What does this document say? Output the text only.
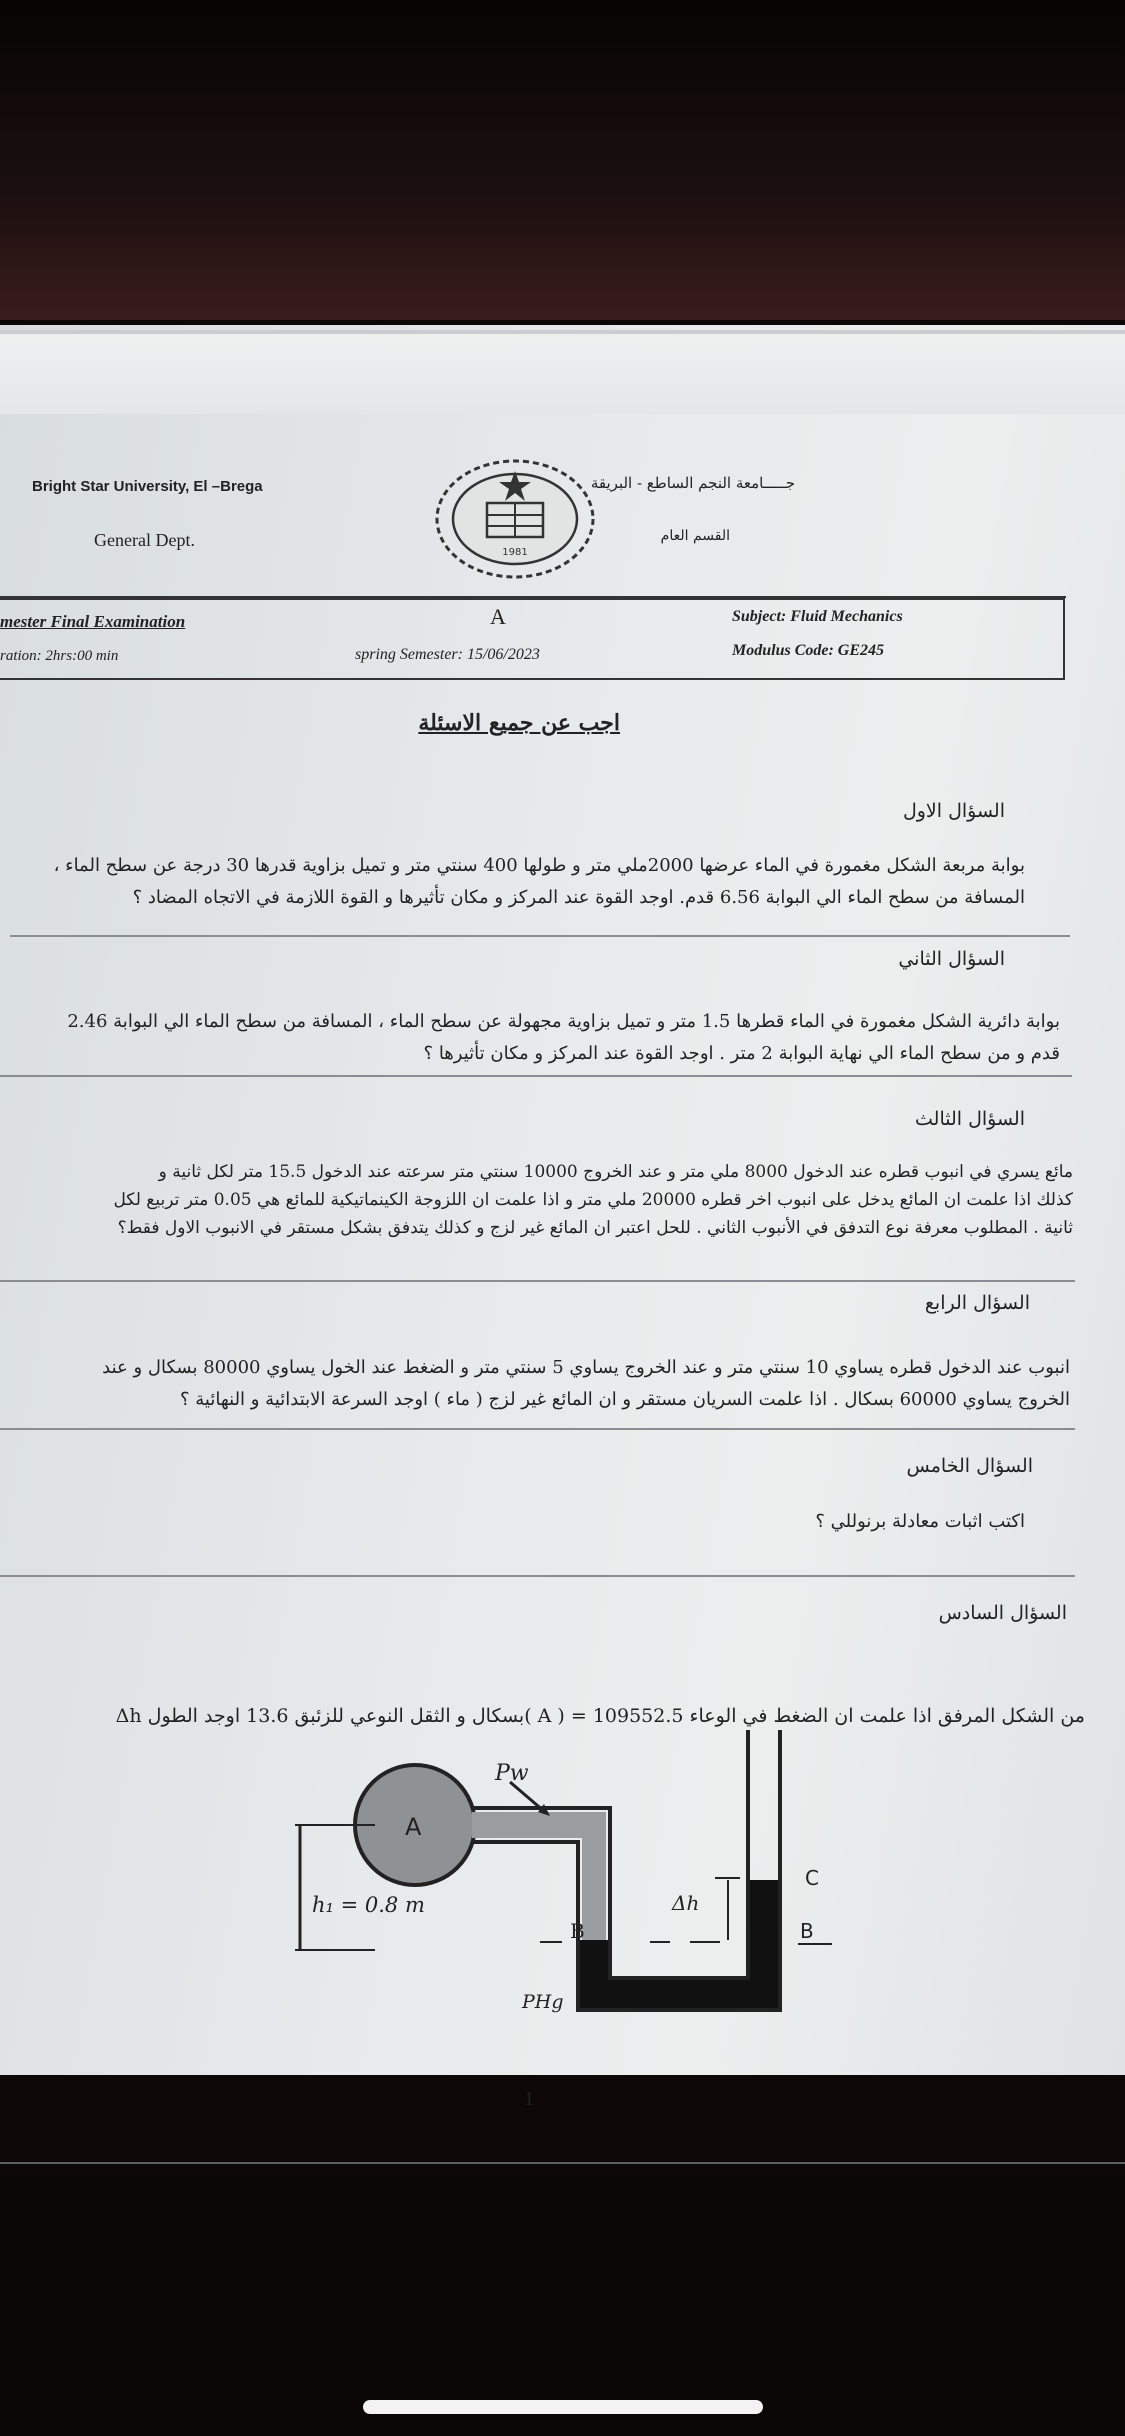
Bright Star University, El –Brega
General Dept.
جـــــامعة النجم الساطع - البريقة
القسم العام
1981
mester Final Examination
ration: 2hrs:00 min
A
spring Semester: 15/06/2023
Subject: Fluid Mechanics
Modulus Code: GE245
اجب عن جميع الاسئلة
السؤال الاول
بوابة مربعة الشكل مغمورة في الماء عرضها 2000ملي متر و طولها 400 سنتي متر و تميل بزاوية قدرها 30 درجة عن سطح الماء ،
المسافة من سطح الماء الي البوابة 6.56 قدم. اوجد القوة عند المركز و مكان تأثيرها و القوة اللازمة في الاتجاه المضاد ؟
السؤال الثاني
بوابة دائرية الشكل مغمورة في الماء قطرها 1.5 متر و تميل بزاوية مجهولة عن سطح الماء ، المسافة من سطح الماء الي البوابة 2.46
قدم و من سطح الماء الي نهاية البوابة 2 متر . اوجد القوة عند المركز و مكان تأثيرها ؟
السؤال الثالث
مائع يسري في انبوب قطره عند الدخول 8000 ملي متر و عند الخروج 10000 سنتي متر سرعته عند الدخول 15.5 متر لكل ثانية و
كذلك اذا علمت ان المائع يدخل على انبوب اخر قطره 20000 ملي متر و اذا علمت ان اللزوجة الكينماتيكية للمائع هي 0.05 متر تربيع لكل
ثانية . المطلوب معرفة نوع التدفق في الأنبوب الثاني . للحل اعتبر ان المائع غير لزج و كذلك يتدفق بشكل مستقر في الانبوب الاول فقط؟
السؤال الرابع
انبوب عند الدخول قطره يساوي 10 سنتي متر و عند الخروج يساوي 5 سنتي متر و الضغط عند الخول يساوي 80000 بسكال و عند
الخروج يساوي 60000 بسكال . اذا علمت السريان مستقر و ان المائع غير لزج ( ماء ) اوجد السرعة الابتدائية و النهائية ؟
السؤال الخامس
اكتب اثبات معادلة برنوللي ؟
السؤال السادس
من الشكل المرفق اذا علمت ان الضغط في الوعاء A ) = 109552.5 )بسكال و الثقل النوعي للزئبق 13.6 اوجد الطول Δh
Pw
A
h₁ = 0.8 m
B
Δh
C
B
PHg
1
